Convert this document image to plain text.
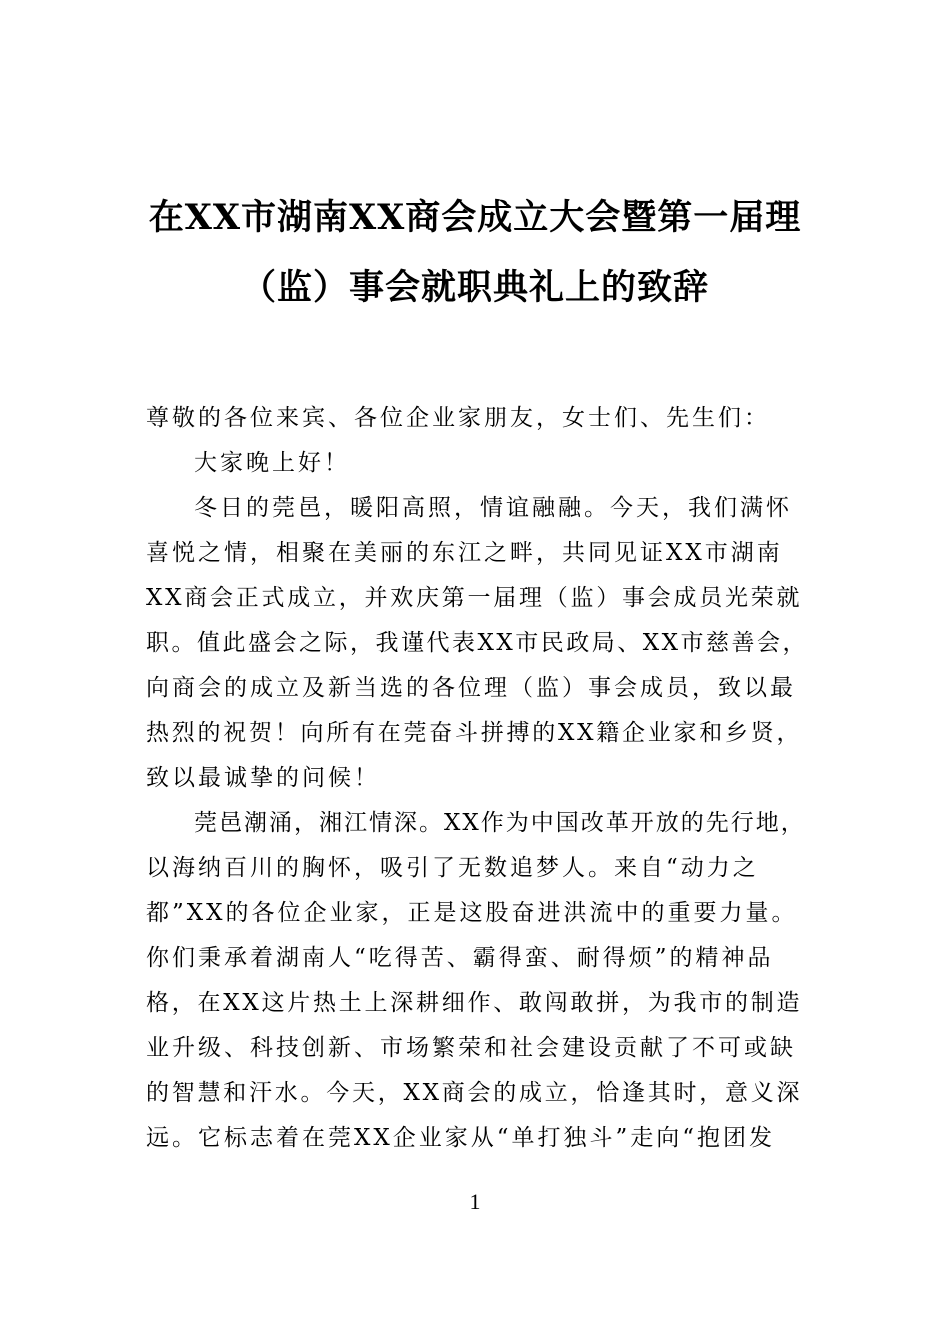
在XX市湖南XX商会成立大会暨第一届理
（监）事会就职典礼上的致辞
尊敬的各位来宾、各位企业家朋友，女士们、先生们：
大家晚上好！
冬日的莞邑，暖阳高照，情谊融融。今天，我们满怀
喜悦之情，相聚在美丽的东江之畔，共同见证XX市湖南
XX商会正式成立，并欢庆第一届理（监）事会成员光荣就
职。值此盛会之际，我谨代表XX市民政局、XX市慈善会，
向商会的成立及新当选的各位理（监）事会成员，致以最
热烈的祝贺！向所有在莞奋斗拼搏的XX籍企业家和乡贤，
致以最诚挚的问候！
莞邑潮涌，湘江情深。XX作为中国改革开放的先行地，
以海纳百川的胸怀，吸引了无数追梦人。来自“动力之
都”XX的各位企业家，正是这股奋进洪流中的重要力量。
你们秉承着湖南人“吃得苦、霸得蛮、耐得烦”的精神品
格，在XX这片热土上深耕细作、敢闯敢拼，为我市的制造
业升级、科技创新、市场繁荣和社会建设贡献了不可或缺
的智慧和汗水。今天，XX商会的成立，恰逢其时，意义深
远。它标志着在莞XX企业家从“单打独斗”走向“抱团发
1
